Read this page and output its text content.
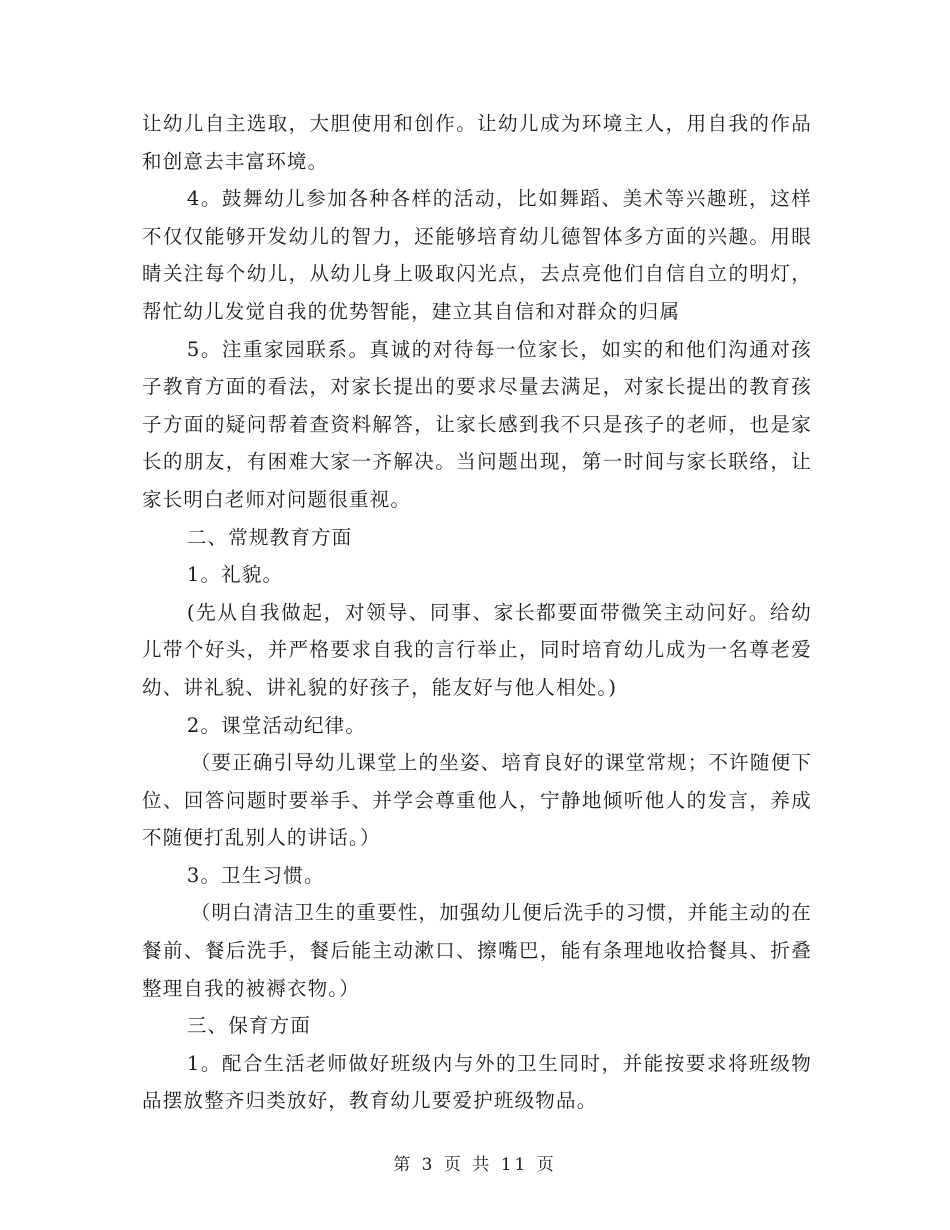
让幼儿自主选取，大胆使用和创作。让幼儿成为环境主人，用自我的作品和创意去丰富环境。

4。鼓舞幼儿参加各种各样的活动，比如舞蹈、美术等兴趣班，这样不仅仅能够开发幼儿的智力，还能够培育幼儿德智体多方面的兴趣。用眼睛关注每个幼儿，从幼儿身上吸取闪光点，去点亮他们自信自立的明灯，帮忙幼儿发觉自我的优势智能，建立其自信和对群众的归属

5。注重家园联系。真诚的对待每一位家长，如实的和他们沟通对孩子教育方面的看法，对家长提出的要求尽量去满足，对家长提出的教育孩子方面的疑问帮着查资料解答，让家长感到我不只是孩子的老师，也是家长的朋友，有困难大家一齐解决。当问题出现，第一时间与家长联络，让家长明白老师对问题很重视。

二、常规教育方面

1。礼貌。

(先从自我做起，对领导、同事、家长都要面带微笑主动问好。给幼儿带个好头，并严格要求自我的言行举止，同时培育幼儿成为一名尊老爱幼、讲礼貌、讲礼貌的好孩子，能友好与他人相处。)

2。课堂活动纪律。

（要正确引导幼儿课堂上的坐姿、培育良好的课堂常规；不许随便下位、回答问题时要举手、并学会尊重他人，宁静地倾听他人的发言，养成不随便打乱别人的讲话。）

3。卫生习惯。

（明白清洁卫生的重要性，加强幼儿便后洗手的习惯，并能主动的在餐前、餐后洗手，餐后能主动漱口、擦嘴巴，能有条理地收拾餐具、折叠整理自我的被褥衣物。）

三、保育方面

1。配合生活老师做好班级内与外的卫生同时，并能按要求将班级物品摆放整齐归类放好，教育幼儿要爱护班级物品。

第 3 页 共 11 页
